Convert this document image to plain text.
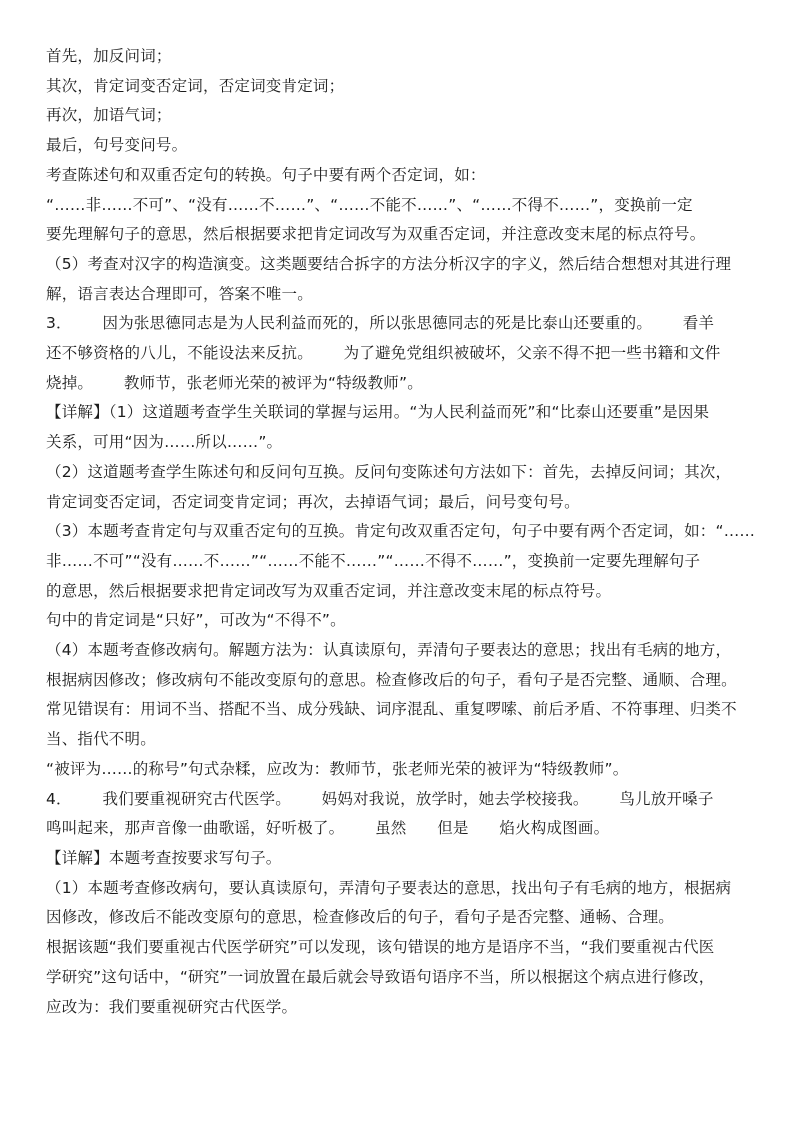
首先，加反问词；
其次，肯定词变否定词，否定词变肯定词；
再次，加语气词；
最后，句号变问号。
考查陈述句和双重否定句的转换。句子中要有两个否定词，如：
“……非……不可”、“没有……不……”、“……不能不……”、“……不得不……”，变换前一定
要先理解句子的意思，然后根据要求把肯定词改写为双重否定词，并注意改变末尾的标点符号。
（5）考查对汉字的构造演变。这类题要结合拆字的方法分析汉字的字义，然后结合想想对其进行理
解，语言表达合理即可，答案不唯一。
3．      因为张思德同志是为人民利益而死的，所以张思德同志的死是比泰山还要重的。      看羊
还不够资格的八儿，不能设法来反抗。      为了避免党组织被破坏，父亲不得不把一些书籍和文件
烧掉。      教师节，张老师光荣的被评为“特级教师”。
【详解】（1）这道题考查学生关联词的掌握与运用。“为人民利益而死”和“比泰山还要重”是因果
关系，可用“因为……所以……”。
（2）这道题考查学生陈述句和反问句互换。反问句变陈述句方法如下：首先，去掉反问词；其次，
肯定词变否定词，否定词变肯定词；再次，去掉语气词；最后，问号变句号。
（3）本题考查肯定句与双重否定句的互换。肯定句改双重否定句，句子中要有两个否定词，如：“……
非……不可”“没有……不……”“……不能不……”“……不得不……”，变换前一定要先理解句子
的意思，然后根据要求把肯定词改写为双重否定词，并注意改变末尾的标点符号。
句中的肯定词是“只好”，可改为“不得不”。
（4）本题考查修改病句。解题方法为：认真读原句，弄清句子要表达的意思；找出有毛病的地方，
根据病因修改；修改病句不能改变原句的意思。检查修改后的句子，看句子是否完整、通顺、合理。
常见错误有：用词不当、搭配不当、成分残缺、词序混乱、重复啰嗦、前后矛盾、不符事理、归类不
当、指代不明。
“被评为……的称号”句式杂糅，应改为：教师节，张老师光荣的被评为“特级教师”。
4．      我们要重视研究古代医学。      妈妈对我说，放学时，她去学校接我。      鸟儿放开嗓子
鸣叫起来，那声音像一曲歌谣，好听极了。      虽然      但是      焰火构成图画。
【详解】本题考查按要求写句子。
（1）本题考查修改病句，要认真读原句，弄清句子要表达的意思，找出句子有毛病的地方，根据病
因修改，修改后不能改变原句的意思，检查修改后的句子，看句子是否完整、通畅、合理。
根据该题“我们要重视古代医学研究”可以发现，该句错误的地方是语序不当，“我们要重视古代医
学研究”这句话中，“研究”一词放置在最后就会导致语句语序不当，所以根据这个病点进行修改，
应改为：我们要重视研究古代医学。
